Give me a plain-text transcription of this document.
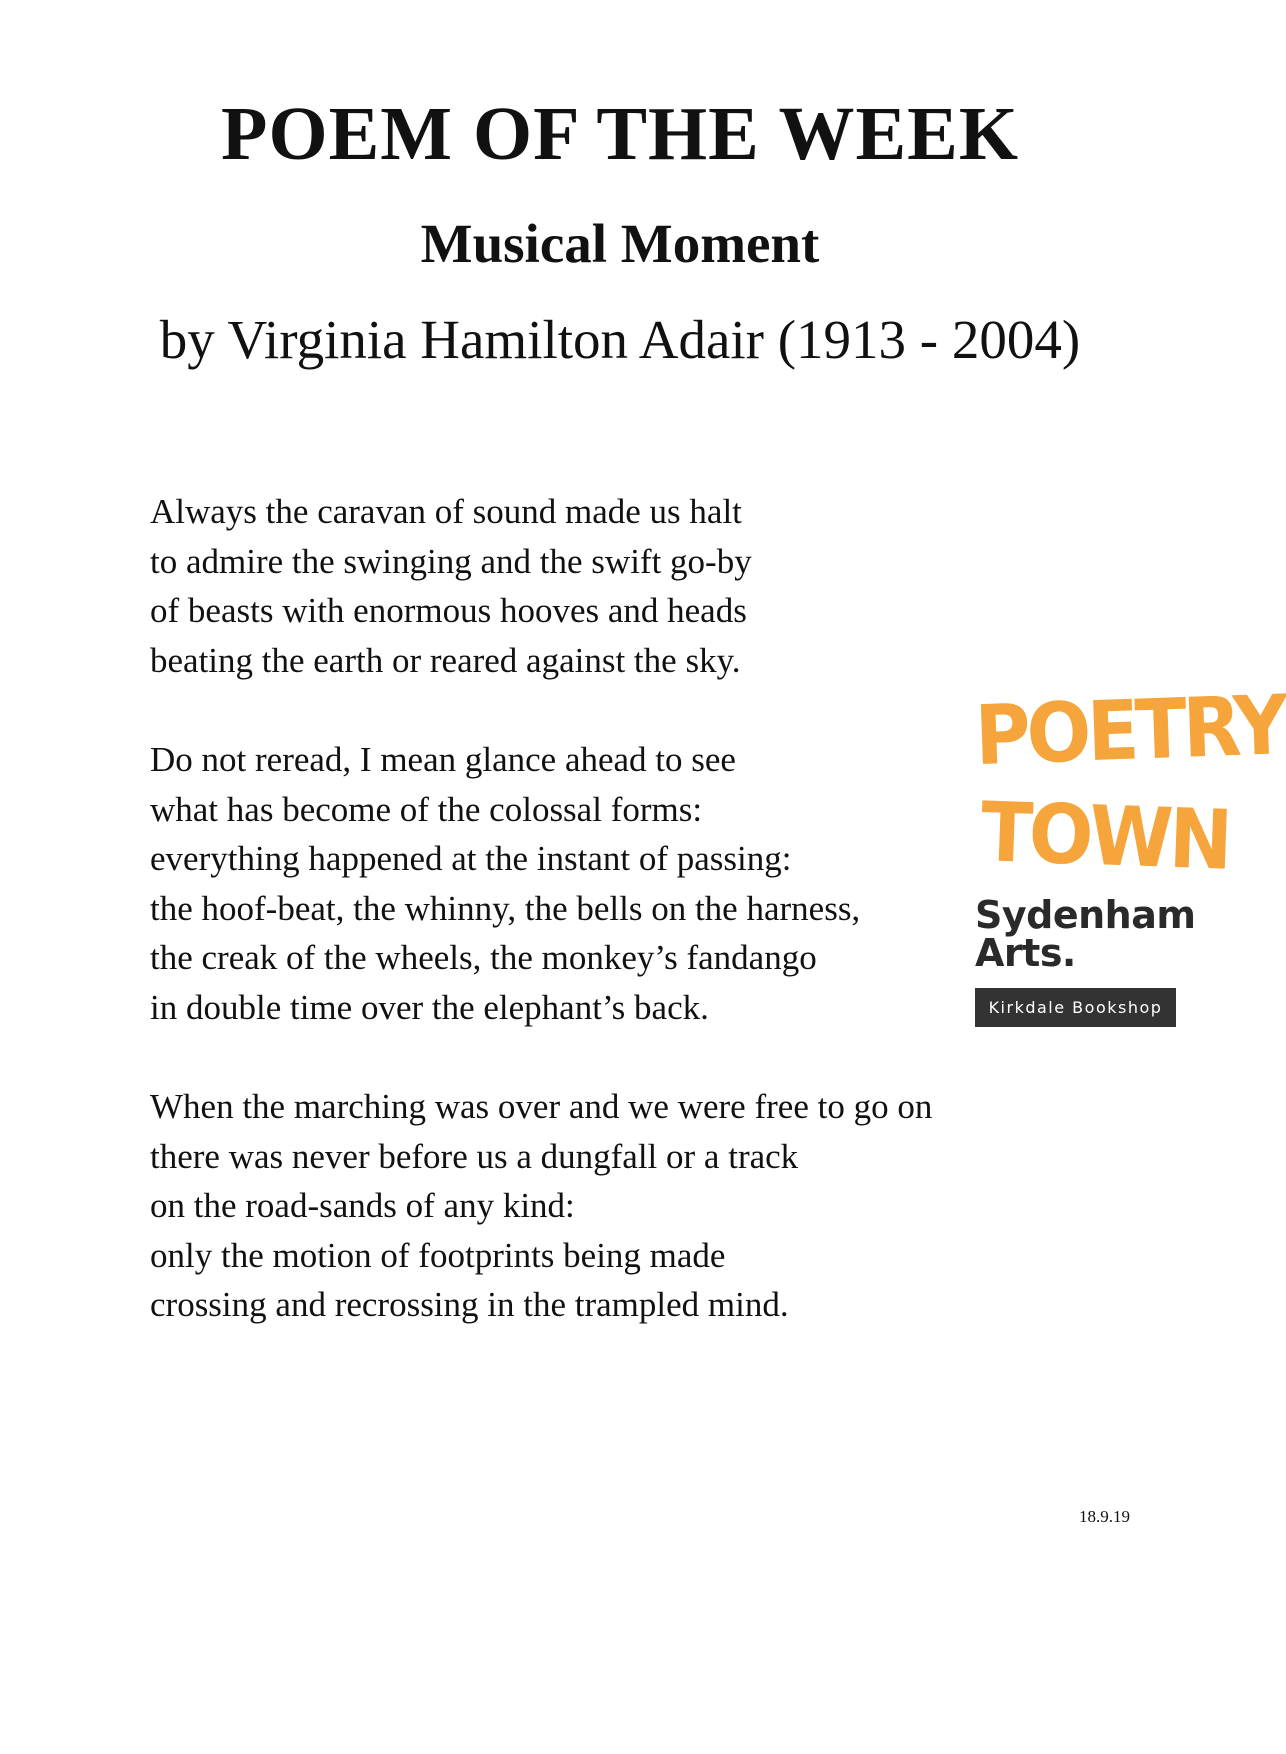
POEM OF THE WEEK
Musical Moment

by Virginia Hamilton Adair (1913 - 2004)

Always the caravan of sound made us halt
to admire the swinging and the swift go-by
of beasts with enormous hooves and heads
beating the earth or reared against the sky.
Do not reread, I mean glance ahead to see
what has become of the colossal forms:
everything happened at the instant of passing:
the hoof-beat, the whinny, the bells on the harness,
the creak of the wheels, the monkey’s fandango
in double time over the elephant’s back.
When the marching was over and we were free to go on
there was never before us a dungfall or a track
on the road-sands of any kind:
only the motion of footprints being made
crossing and recrossing in the trampled mind.
POETRY
TOWN
Sydenham
Arts.
Kirkdale Bookshop
18.9.19
